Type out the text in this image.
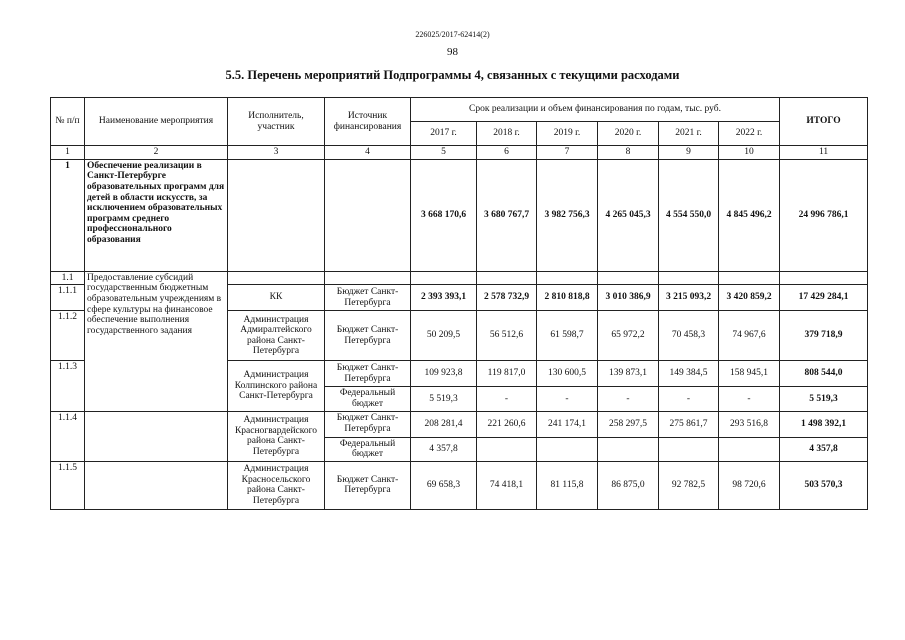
226025/2017-62414(2)
98
5.5. Перечень мероприятий Подпрограммы 4, связанных с текущими расходами
№ п/п	Наименование мероприятия	Исполнитель, участник	Источник финансирования	Срок реализации и объем финансирования по годам, тыс. руб.						ИТОГО
				2017 г.	2018 г.	2019 г.	2020 г.	2021 г.	2022 г.	
1	2	3	4	5	6	7	8	9	10	11
1	Обеспечение реализации в Санкт-Петербурге образовательных программ для детей в области искусств, за исключением образовательных программ среднего профессионального образования			3 668 170,6	3 680 767,7	3 982 756,3	4 265 045,3	4 554 550,0	4 845 496,2	24 996 786,1
1.1	Предоставление субсидий государственным бюджетным образовательным учреждениям в сфере культуры на финансовое обеспечение выполнения государственного задания									
1.1.1		КК	Бюджет Санкт-Петербурга	2 393 393,1	2 578 732,9	2 810 818,8	3 010 386,9	3 215 093,2	3 420 859,2	17 429 284,1
1.1.2		Администрация Адмиралтейского района Санкт-Петербурга	Бюджет Санкт-Петербурга	50 209,5	56 512,6	61 598,7	65 972,2	70 458,3	74 967,6	379 718,9
1.1.3		Администрация Колпинского района Санкт-Петербурга	Бюджет Санкт-Петербурга	109 923,8	119 817,0	130 600,5	139 873,1	149 384,5	158 945,1	808 544,0
			Федеральный бюджет	5 519,3	-	-	-	-	-	5 519,3
1.1.4		Администрация Красногвардейского района Санкт-Петербурга	Бюджет Санкт-Петербурга	208 281,4	221 260,6	241 174,1	258 297,5	275 861,7	293 516,8	1 498 392,1
			Федеральный бюджет	4 357,8						4 357,8
1.1.5		Администрация Красносельского района Санкт-Петербурга	Бюджет Санкт-Петербурга	69 658,3	74 418,1	81 115,8	86 875,0	92 782,5	98 720,6	503 570,3
